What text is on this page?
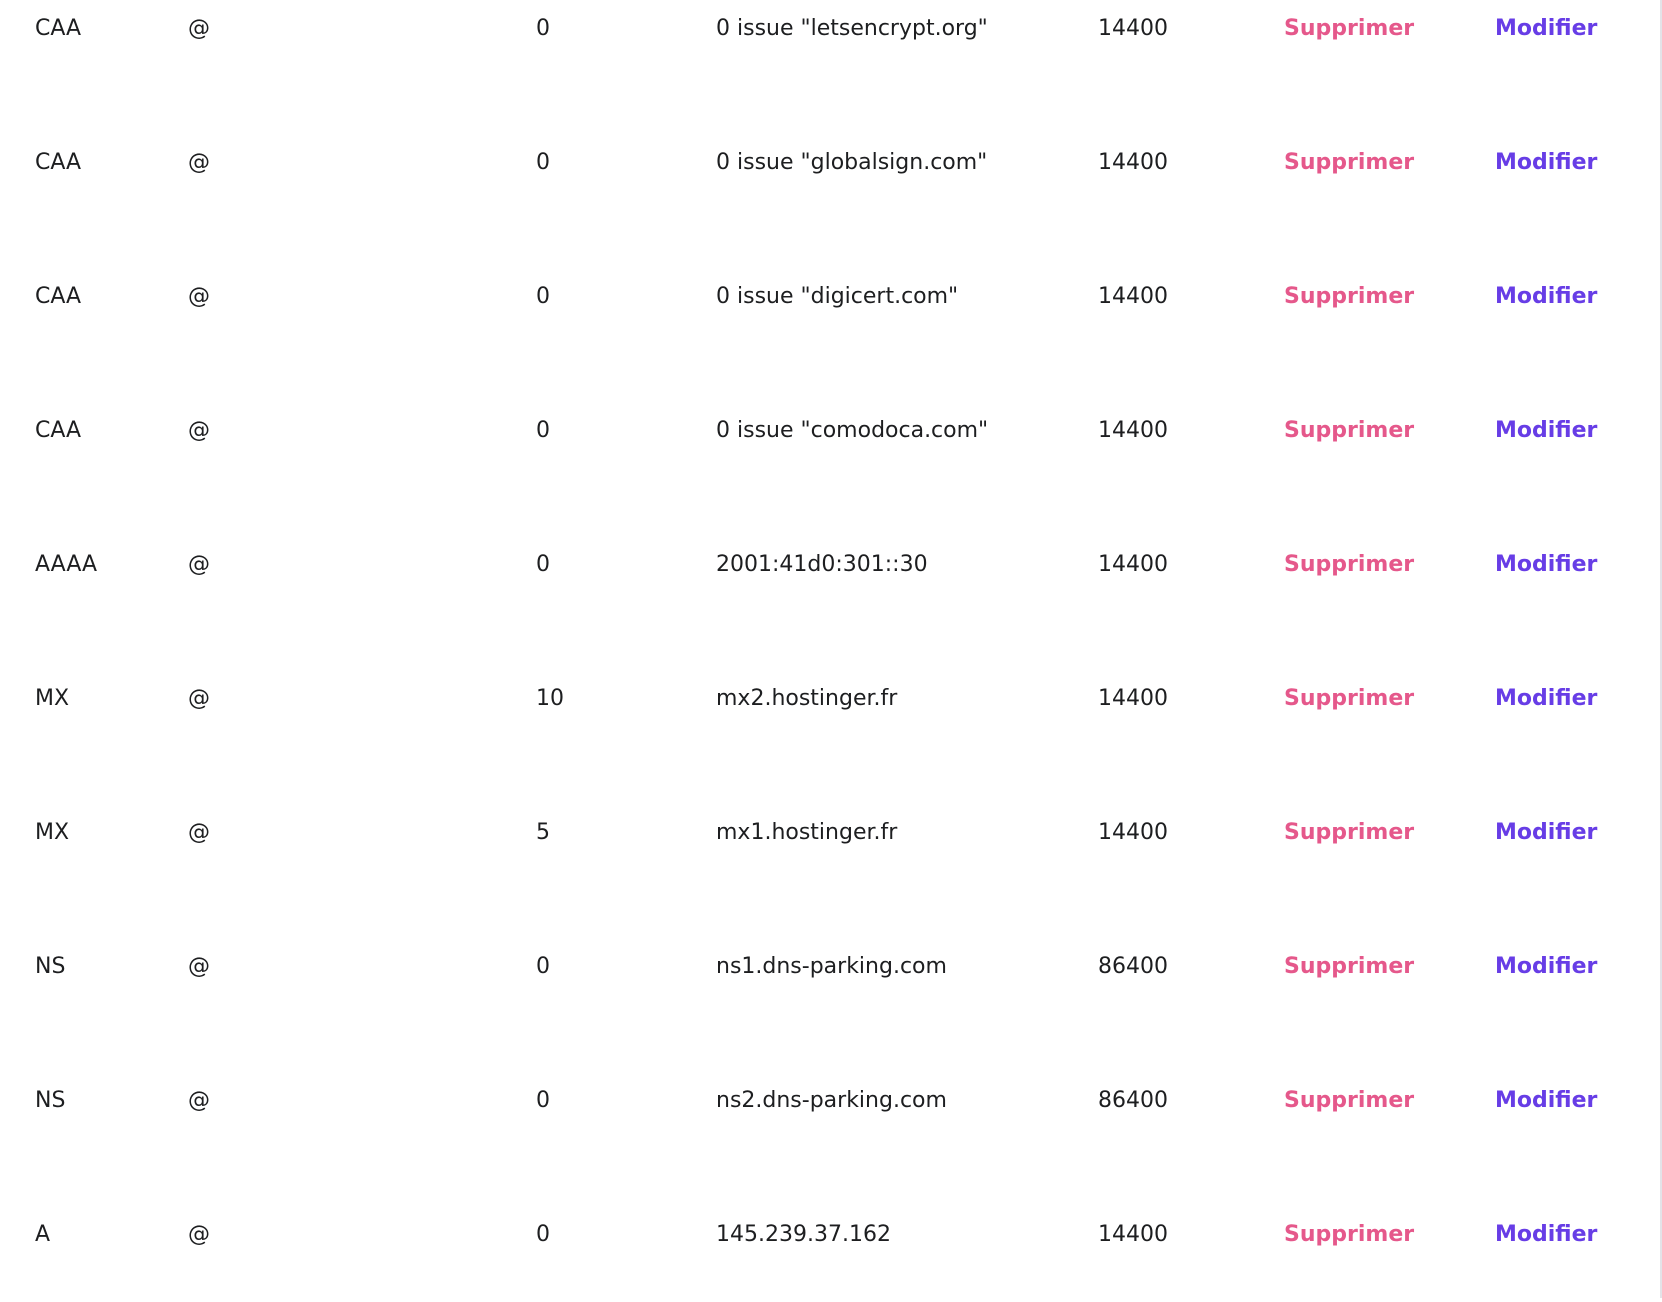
CAA	@	0	0 issue "letsencrypt.org"	14400	Supprimer	Modifier
CAA	@	0	0 issue "globalsign.com"	14400	Supprimer	Modifier
CAA	@	0	0 issue "digicert.com"	14400	Supprimer	Modifier
CAA	@	0	0 issue "comodoca.com"	14400	Supprimer	Modifier
AAAA	@	0	2001:41d0:301::30	14400	Supprimer	Modifier
MX	@	10	mx2.hostinger.fr	14400	Supprimer	Modifier
MX	@	5	mx1.hostinger.fr	14400	Supprimer	Modifier
NS	@	0	ns1.dns-parking.com	86400	Supprimer	Modifier
NS	@	0	ns2.dns-parking.com	86400	Supprimer	Modifier
A	@	0	145.239.37.162	14400	Supprimer	Modifier
